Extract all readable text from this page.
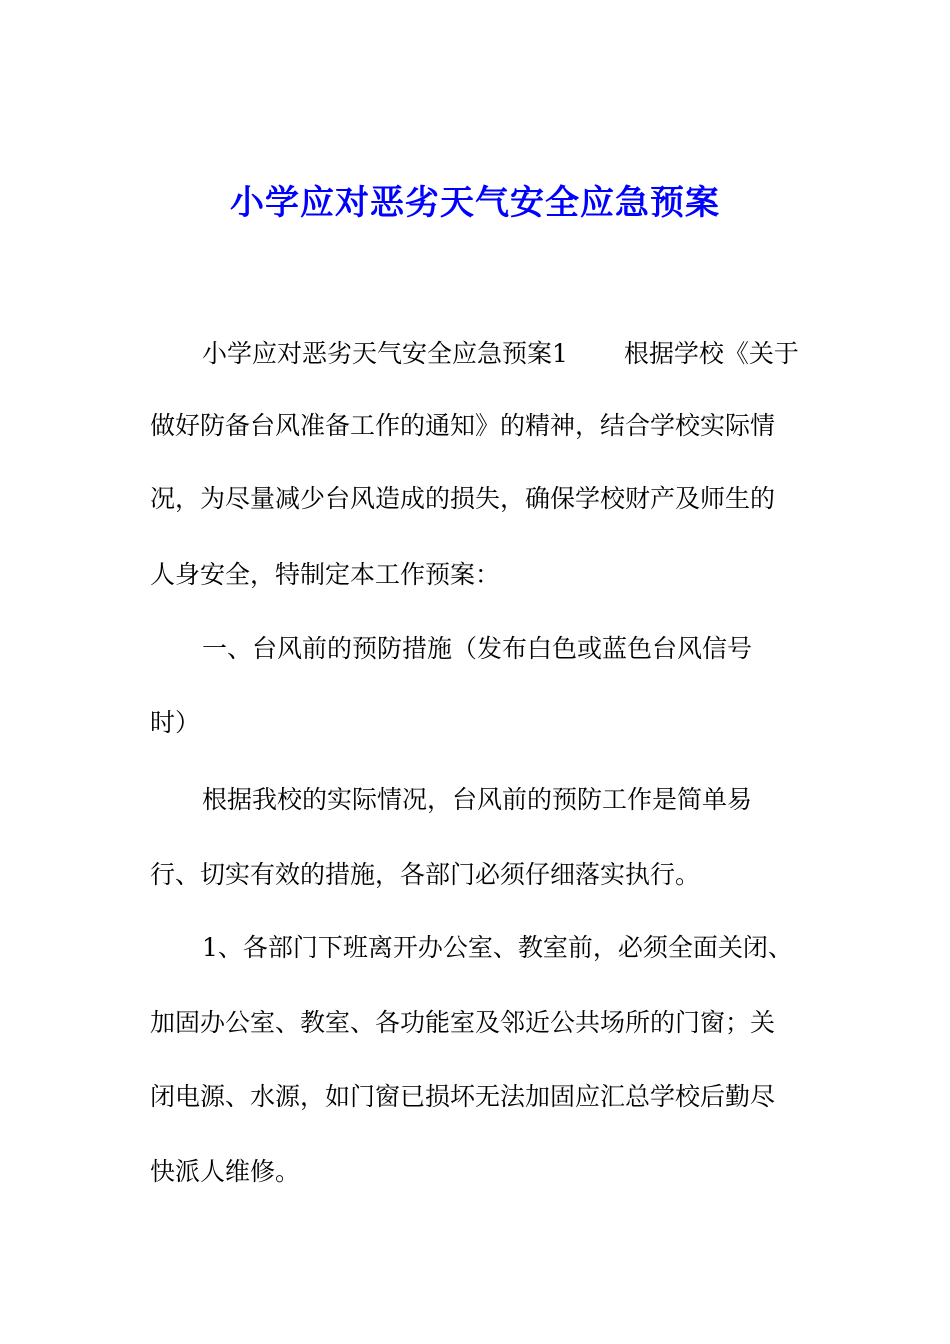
小学应对恶劣天气安全应急预案
小学应对恶劣天气安全应急预案1 根据学校《关于
做好防备台风准备工作的通知》的精神，结合学校实际情
况，为尽量减少台风造成的损失，确保学校财产及师生的
人身安全，特制定本工作预案：
一、台风前的预防措施（发布白色或蓝色台风信号
时）
根据我校的实际情况，台风前的预防工作是简单易
行、切实有效的措施，各部门必须仔细落实执行。
1、各部门下班离开办公室、教室前，必须全面关闭、
加固办公室、教室、各功能室及邻近公共场所的门窗；关
闭电源、水源，如门窗已损坏无法加固应汇总学校后勤尽
快派人维修。
